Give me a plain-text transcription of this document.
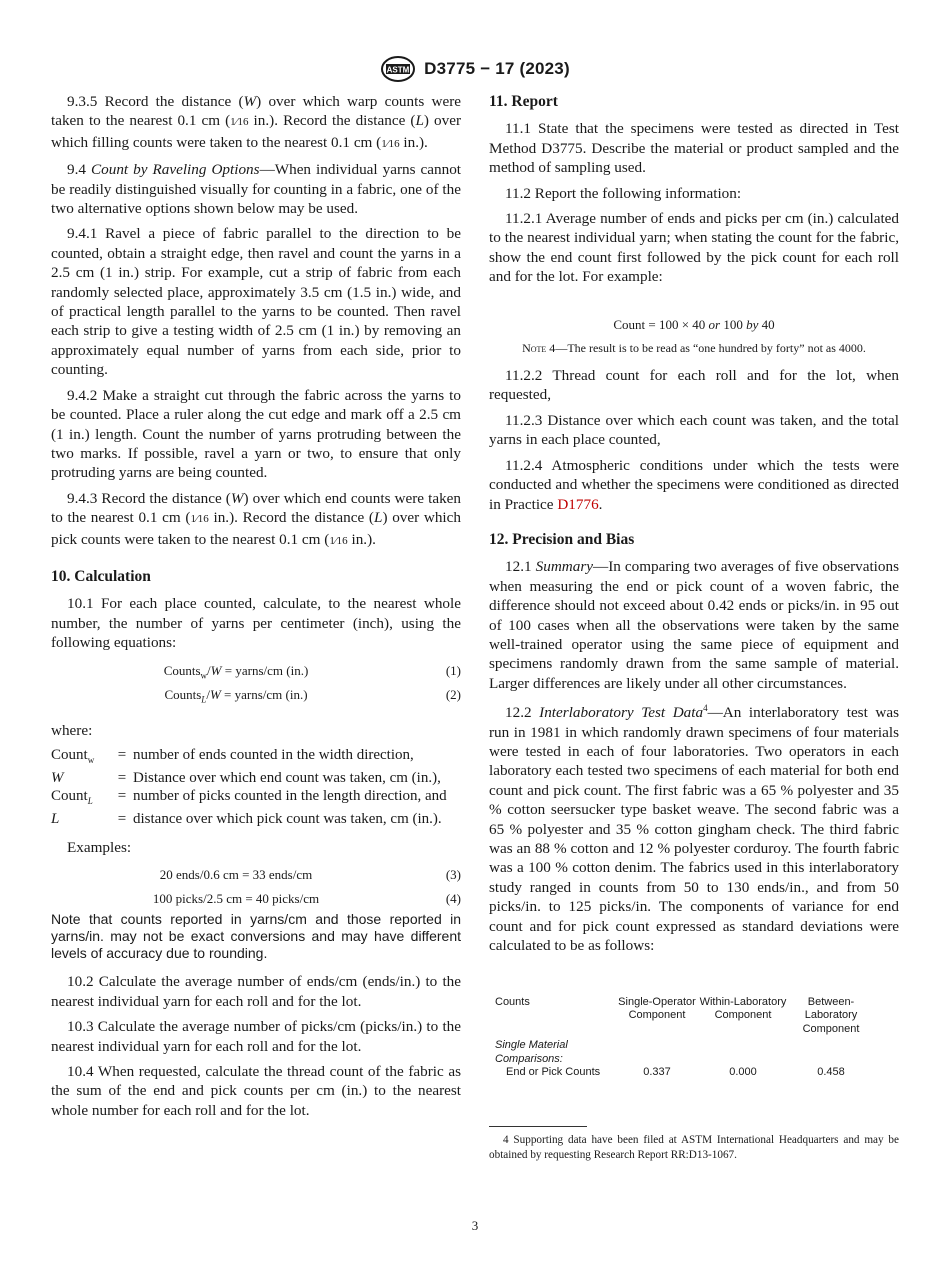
ASTM D3775 − 17 (2023)

9.3.5 Record the distance (W) over which warp counts were taken to the nearest 0.1 cm (1⁄16 in.). Record the distance (L) over which filling counts were taken to the nearest 0.1 cm (1⁄16 in.).

9.4 Count by Raveling Options—When individual yarns cannot be readily distinguished visually for counting in a fabric, one of the two alternative options shown below may be used.

9.4.1 Ravel a piece of fabric parallel to the direction to be counted, obtain a straight edge, then ravel and count the yarns in a 2.5 cm (1 in.) strip. For example, cut a strip of fabric from each randomly selected place, approximately 3.5 cm (1.5 in.) wide, and of practical length parallel to the yarns to be counted. Then ravel each strip to give a testing width of 2.5 cm (1 in.) by removing an approximately equal number of yarns from each side, prior to counting.

9.4.2 Make a straight cut through the fabric across the yarns to be counted. Place a ruler along the cut edge and mark off a 2.5 cm (1 in.) length. Count the number of yarns protruding between the two marks. If possible, ravel a yarn or two, to ensure that only protruding yarns are being counted.

9.4.3 Record the distance (W) over which end counts were taken to the nearest 0.1 cm (1⁄16 in.). Record the distance (L) over which pick counts were taken to the nearest 0.1 cm (1⁄16 in.).

10. Calculation

10.1 For each place counted, calculate, to the nearest whole number, the number of yarns per centimeter (inch), using the following equations:

Counts$_w$/W = yarns/cm (in.)	(1)
Counts$_L$/W = yarns/cm (in.)	(2)

where:

Count$_w$	=	number of ends counted in the width direction,
W	=	Distance over which end count was taken, cm (in.),
Count$_L$	=	number of picks counted in the length direction, and
L	=	distance over which pick count was taken, cm (in.).

Examples:

20 ends/0.6 cm = 33 ends/cm	(3)
100 picks/2.5 cm = 40 picks/cm	(4)

Note that counts reported in yarns/cm and those reported in yarns/in. may not be exact conversions and may have different levels of accuracy due to rounding.

10.2 Calculate the average number of ends/cm (ends/in.) to the nearest individual yarn for each roll and for the lot.

10.3 Calculate the average number of picks/cm (picks/in.) to the nearest individual yarn for each roll and for the lot.

10.4 When requested, calculate the thread count of the fabric as the sum of the end and pick counts per cm (in.) to the nearest whole number for each roll and for the lot.

11. Report

11.1 State that the specimens were tested as directed in Test Method D3775. Describe the material or product sampled and the method of sampling used.

11.2 Report the following information:

11.2.1 Average number of ends and picks per cm (in.) calculated to the nearest individual yarn; when stating the count for the fabric, show the end count first followed by the pick count for each roll and for the lot. For example:

Count = 100 × 40 or 100 by 40
Note 4—The result is to be read as “one hundred by forty” not as 4000.

11.2.2 Thread count for each roll and for the lot, when requested,

11.2.3 Distance over which each count was taken, and the total yarns in each place counted,

11.2.4 Atmospheric conditions under which the tests were conducted and whether the specimens were conditioned as directed in Practice D1776.

12. Precision and Bias

12.1 Summary—In comparing two averages of five observations when measuring the end or pick count of a woven fabric, the difference should not exceed about 0.42 ends or picks/in. in 95 out of 100 cases when all the observations were taken by the same well-trained operator using the same piece of equipment and specimens randomly drawn from the same sample of material. Larger differences are likely under all other circumstances.

12.2 Interlaboratory Test Data$^4$—An interlaboratory test was run in 1981 in which randomly drawn specimens of four materials were tested in each of four laboratories. Two operators in each laboratory each tested two specimens of each material for both end count and pick count. The first fabric was a 65 % polyester and 35 % cotton seersucker type basket weave. The second fabric was a 65 % polyester and 35 % cotton gingham check. The third fabric was an 88 % cotton and 12 % polyester corduroy. The fourth fabric was a 100 % cotton denim. The fabrics used in this interlaboratory study ranged in counts from 50 to 130 ends/in., and from 50 picks/in. to 125 picks/in. The components of variance for end count and for pick count expressed as standard deviations were calculated to be as follows:

Counts	Single-Operator Component	Within-Laboratory Component	Between-Laboratory Component
Single Material Comparisons:			
End or Pick Counts	0.337	0.000	0.458
4 Supporting data have been filed at ASTM International Headquarters and may be obtained by requesting Research Report RR:D13-1067.
3
